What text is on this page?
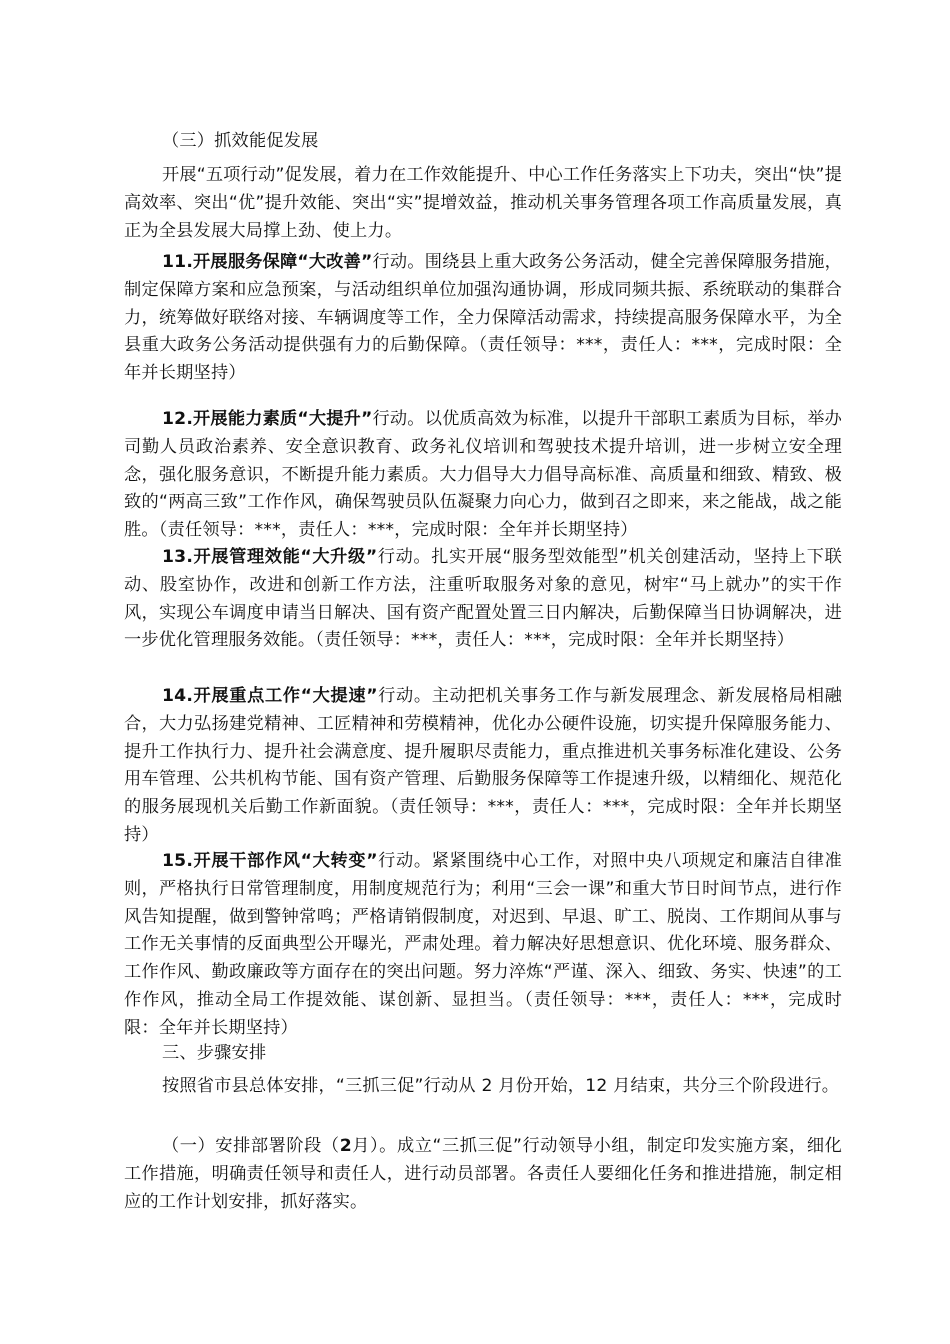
（三）抓效能促发展

开展“五项行动”促发展，着力在工作效能提升、中心工作任务落实上下功夫，突出“快”提高效率、突出“优”提升效能、突出“实”提增效益，推动机关事务管理各项工作高质量发展，真正为全县发展大局撑上劲、使上力。

11.开展服务保障“大改善”行动。围绕县上重大政务公务活动，健全完善保障服务措施，制定保障方案和应急预案，与活动组织单位加强沟通协调，形成同频共振、系统联动的集群合力，统筹做好联络对接、车辆调度等工作，全力保障活动需求，持续提高服务保障水平，为全县重大政务公务活动提供强有力的后勤保障。（责任领导：***，责任人：***，完成时限：全年并长期坚持）

12.开展能力素质“大提升”行动。以优质高效为标准，以提升干部职工素质为目标，举办司勤人员政治素养、安全意识教育、政务礼仪培训和驾驶技术提升培训，进一步树立安全理念，强化服务意识，不断提升能力素质。大力倡导大力倡导高标准、高质量和细致、精致、极致的“两高三致”工作作风，确保驾驶员队伍凝聚力向心力，做到召之即来，来之能战，战之能胜。（责任领导：***，责任人：***，完成时限：全年并长期坚持）

13.开展管理效能“大升级”行动。扎实开展“服务型效能型”机关创建活动，坚持上下联动、股室协作，改进和创新工作方法，注重听取服务对象的意见，树牢“马上就办”的实干作风，实现公车调度申请当日解决、国有资产配置处置三日内解决，后勤保障当日协调解决，进一步优化管理服务效能。（责任领导：***，责任人：***，完成时限：全年并长期坚持）

14.开展重点工作“大提速”行动。主动把机关事务工作与新发展理念、新发展格局相融合，大力弘扬建党精神、工匠精神和劳模精神，优化办公硬件设施，切实提升保障服务能力、提升工作执行力、提升社会满意度、提升履职尽责能力，重点推进机关事务标准化建设、公务用车管理、公共机构节能、国有资产管理、后勤服务保障等工作提速升级，以精细化、规范化的服务展现机关后勤工作新面貌。（责任领导：***，责任人：***，完成时限：全年并长期坚持）

15.开展干部作风“大转变”行动。紧紧围绕中心工作，对照中央八项规定和廉洁自律准则，严格执行日常管理制度，用制度规范行为；利用“三会一课”和重大节日时间节点，进行作风告知提醒，做到警钟常鸣；严格请销假制度，对迟到、早退、旷工、脱岗、工作期间从事与工作无关事情的反面典型公开曝光，严肃处理。着力解决好思想意识、优化环境、服务群众、工作作风、勤政廉政等方面存在的突出问题。努力淬炼“严谨、深入、细致、务实、快速”的工作作风，推动全局工作提效能、谋创新、显担当。（责任领导：***，责任人：***，完成时限：全年并长期坚持）

三、步骤安排

按照省市县总体安排，“三抓三促”行动从 2 月份开始，12 月结束，共分三个阶段进行。

（一）安排部署阶段（2月）。成立“三抓三促”行动领导小组，制定印发实施方案，细化工作措施，明确责任领导和责任人，进行动员部署。各责任人要细化任务和推进措施，制定相应的工作计划安排，抓好落实。
